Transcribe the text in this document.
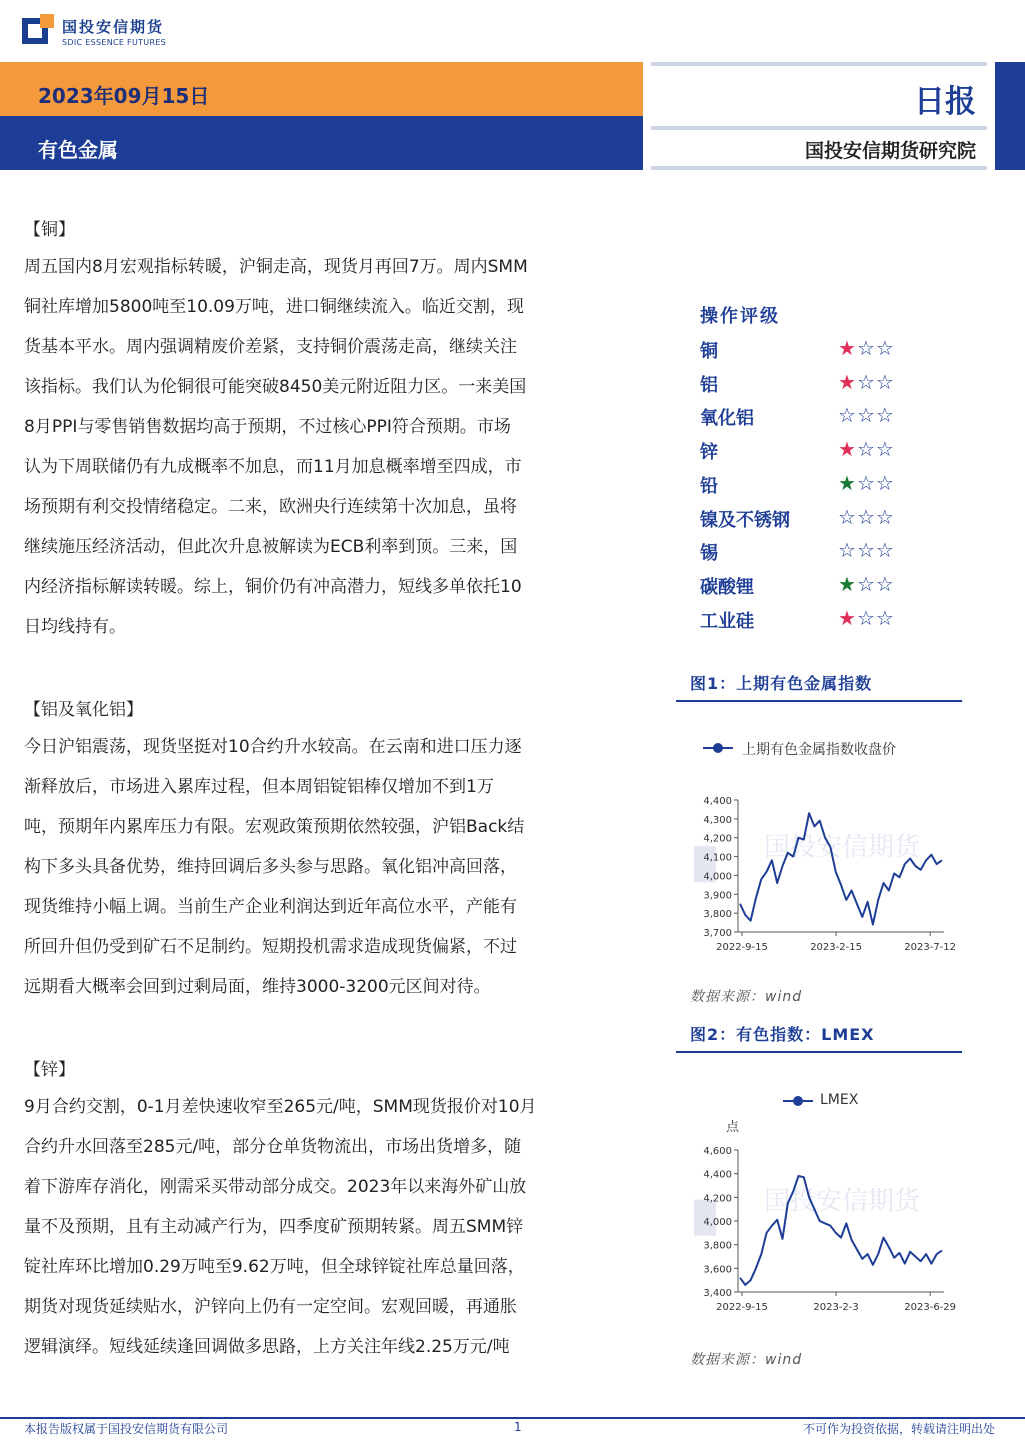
国投安信期货
SDIC ESSENCE FUTURES
2023年09月15日
有色金属
日报
国投安信期货研究院
【铜】
周五国内8月宏观指标转暖，沪铜走高，现货月再回7万。周内SMM
铜社库增加5800吨至10.09万吨，进口铜继续流入。临近交割，现
货基本平水。周内强调精废价差紧，支持铜价震荡走高，继续关注
该指标。我们认为伦铜很可能突破8450美元附近阻力区。一来美国
8月PPI与零售销售数据均高于预期，不过核心PPI符合预期。市场
认为下周联储仍有九成概率不加息，而11月加息概率增至四成，市
场预期有利交投情绪稳定。二来，欧洲央行连续第十次加息，虽将
继续施压经济活动，但此次升息被解读为ECB利率到顶。三来，国
内经济指标解读转暖。综上，铜价仍有冲高潜力，短线多单依托10
日均线持有。
【铝及氧化铝】
今日沪铝震荡，现货坚挺对10合约升水较高。在云南和进口压力逐
渐释放后，市场进入累库过程，但本周铝锭铝棒仅增加不到1万
吨，预期年内累库压力有限。宏观政策预期依然较强，沪铝Back结
构下多头具备优势，维持回调后多头参与思路。氧化铝冲高回落，
现货维持小幅上调。当前生产企业利润达到近年高位水平，产能有
所回升但仍受到矿石不足制约。短期投机需求造成现货偏紧，不过
远期看大概率会回到过剩局面，维持3000-3200元区间对待。
【锌】
9月合约交割，0-1月差快速收窄至265元/吨，SMM现货报价对10月
合约升水回落至285元/吨，部分仓单货物流出，市场出货增多，随
着下游库存消化，刚需采买带动部分成交。2023年以来海外矿山放
量不及预期，且有主动减产行为，四季度矿预期转紧。周五SMM锌
锭社库环比增加0.29万吨至9.62万吨，但全球锌锭社库总量回落，
期货对现货延续贴水，沪锌向上仍有一定空间。宏观回暖，再通胀
逻辑演绎。短线延续逢回调做多思路，上方关注年线2.25万元/吨
操作评级
铜	★☆☆
铝	★☆☆
氧化铝	☆☆☆
锌	★☆☆
铅	★☆☆
镍及不锈钢 ☆☆☆
锡	☆☆☆
碳酸锂	★☆☆
工业硅	★☆☆
图1：上期有色金属指数
上期有色金属指数收盘价
国投安信期货
3,700
3,800
3,900
4,000
4,100
4,200
4,300
4,400
2022-9-15	2023-2-15	2023-7-12
数据来源：wind
图2：有色指数：LMEX
LMEX
点
国投安信期货
3,400
3,600
3,800
4,000
4,200
4,400
4,600
2022-9-15	2023-2-3	2023-6-29
数据来源：wind
本报告版权属于国投安信期货有限公司	1	不可作为投资依据，转载请注明出处
